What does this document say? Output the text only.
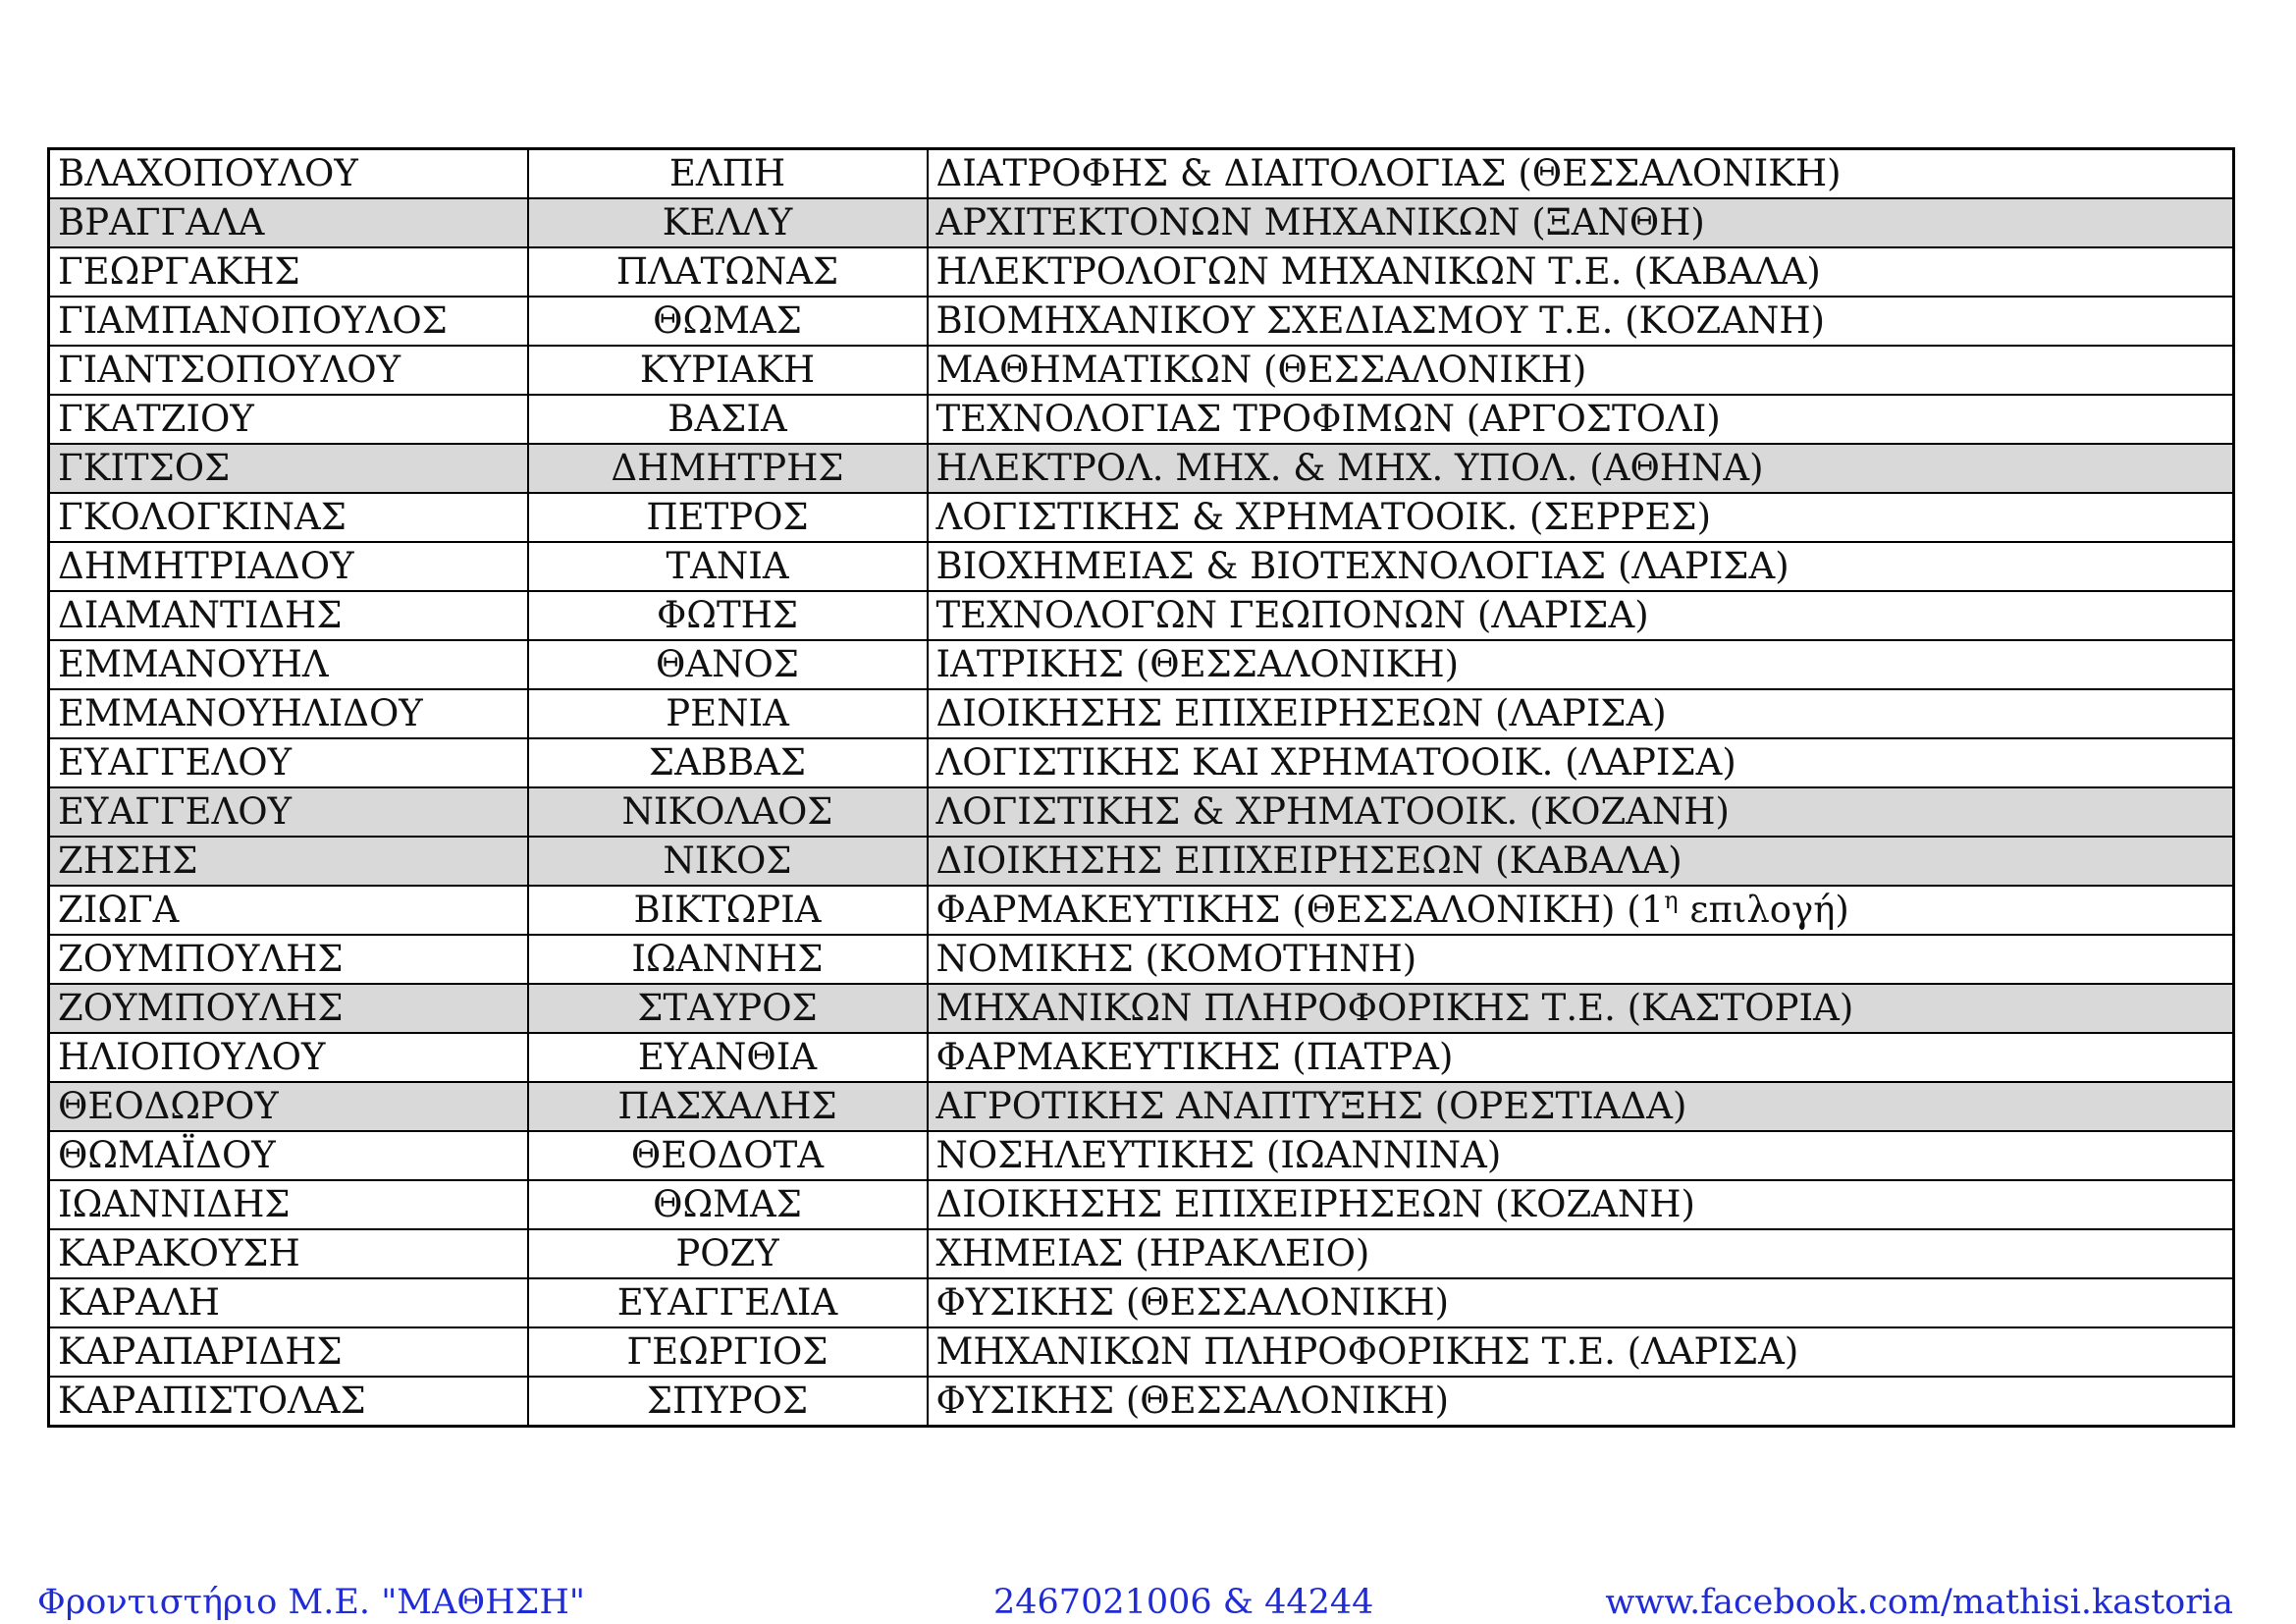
ΒΛΑΧΟΠΟΥΛΟΥ	ΕΛΠΗ	ΔΙΑΤΡΟΦΗΣ & ΔΙΑΙΤΟΛΟΓΙΑΣ (ΘΕΣΣΑΛΟΝΙΚΗ)
ΒΡΑΓΓΑΛΑ	ΚΕΛΛΥ	ΑΡΧΙΤΕΚΤΟΝΩΝ ΜΗΧΑΝΙΚΩΝ (ΞΑΝΘΗ)
ΓΕΩΡΓΑΚΗΣ	ΠΛΑΤΩΝΑΣ	ΗΛΕΚΤΡΟΛΟΓΩΝ ΜΗΧΑΝΙΚΩΝ Τ.Ε. (ΚΑΒΑΛΑ)
ΓΙΑΜΠΑΝΟΠΟΥΛΟΣ	ΘΩΜΑΣ	ΒΙΟΜΗΧΑΝΙΚΟΥ ΣΧΕΔΙΑΣΜΟΥ Τ.Ε. (ΚΟΖΑΝΗ)
ΓΙΑΝΤΣΟΠΟΥΛΟΥ	ΚΥΡΙΑΚΗ	ΜΑΘΗΜΑΤΙΚΩΝ (ΘΕΣΣΑΛΟΝΙΚΗ)
ΓΚΑΤΖΙΟΥ	ΒΑΣΙΑ	ΤΕΧΝΟΛΟΓΙΑΣ ΤΡΟΦΙΜΩΝ (ΑΡΓΟΣΤΟΛΙ)
ΓΚΙΤΣΟΣ	ΔΗΜΗΤΡΗΣ	ΗΛΕΚΤΡΟΛ. ΜΗΧ. & ΜΗΧ. ΥΠΟΛ. (ΑΘΗΝΑ)
ΓΚΟΛΟΓΚΙΝΑΣ	ΠΕΤΡΟΣ	ΛΟΓΙΣΤΙΚΗΣ & ΧΡΗΜΑΤΟΟΙΚ. (ΣΕΡΡΕΣ)
ΔΗΜΗΤΡΙΑΔΟΥ	ΤΑΝΙΑ	ΒΙΟΧΗΜΕΙΑΣ & ΒΙΟΤΕΧΝΟΛΟΓΙΑΣ (ΛΑΡΙΣΑ)
ΔΙΑΜΑΝΤΙΔΗΣ	ΦΩΤΗΣ	ΤΕΧΝΟΛΟΓΩΝ ΓΕΩΠΟΝΩΝ (ΛΑΡΙΣΑ)
ΕΜΜΑΝΟΥΗΛ	ΘΑΝΟΣ	ΙΑΤΡΙΚΗΣ (ΘΕΣΣΑΛΟΝΙΚΗ)
ΕΜΜΑΝΟΥΗΛΙΔΟΥ	ΡΕΝΙΑ	ΔΙΟΙΚΗΣΗΣ ΕΠΙΧΕΙΡΗΣΕΩΝ (ΛΑΡΙΣΑ)
ΕΥΑΓΓΕΛΟΥ	ΣΑΒΒΑΣ	ΛΟΓΙΣΤΙΚΗΣ ΚΑΙ ΧΡΗΜΑΤΟΟΙΚ. (ΛΑΡΙΣΑ)
ΕΥΑΓΓΕΛΟΥ	ΝΙΚΟΛΑΟΣ	ΛΟΓΙΣΤΙΚΗΣ & ΧΡΗΜΑΤΟΟΙΚ. (ΚΟΖΑΝΗ)
ΖΗΣΗΣ	ΝΙΚΟΣ	ΔΙΟΙΚΗΣΗΣ ΕΠΙΧΕΙΡΗΣΕΩΝ (ΚΑΒΑΛΑ)
ΖΙΩΓΑ	ΒΙΚΤΩΡΙΑ	ΦΑΡΜΑΚΕΥΤΙΚΗΣ (ΘΕΣΣΑΛΟΝΙΚΗ) ($1^\eta$ επιλογή)
ΖΟΥΜΠΟΥΛΗΣ	ΙΩΑΝΝΗΣ	ΝΟΜΙΚΗΣ (ΚΟΜΟΤΗΝΗ)
ΖΟΥΜΠΟΥΛΗΣ	ΣΤΑΥΡΟΣ	ΜΗΧΑΝΙΚΩΝ ΠΛΗΡΟΦΟΡΙΚΗΣ Τ.Ε. (ΚΑΣΤΟΡΙΑ)
ΗΛΙΟΠΟΥΛΟΥ	ΕΥΑΝΘΙΑ	ΦΑΡΜΑΚΕΥΤΙΚΗΣ (ΠΑΤΡΑ)
ΘΕΟΔΩΡΟΥ	ΠΑΣΧΑΛΗΣ	ΑΓΡΟΤΙΚΗΣ ΑΝΑΠΤΥΞΗΣ (ΟΡΕΣΤΙΑΔΑ)
ΘΩΜΑΪΔΟΥ	ΘΕΟΔΟΤΑ	ΝΟΣΗΛΕΥΤΙΚΗΣ (ΙΩΑΝΝΙΝΑ)
ΙΩΑΝΝΙΔΗΣ	ΘΩΜΑΣ	ΔΙΟΙΚΗΣΗΣ ΕΠΙΧΕΙΡΗΣΕΩΝ (ΚΟΖΑΝΗ)
ΚΑΡΑΚΟΥΣΗ	ΡΟΖΥ	ΧΗΜΕΙΑΣ (ΗΡΑΚΛΕΙΟ)
ΚΑΡΑΛΗ	ΕΥΑΓΓΕΛΙΑ	ΦΥΣΙΚΗΣ (ΘΕΣΣΑΛΟΝΙΚΗ)
ΚΑΡΑΠΑΡΙΔΗΣ	ΓΕΩΡΓΙΟΣ	ΜΗΧΑΝΙΚΩΝ ΠΛΗΡΟΦΟΡΙΚΗΣ Τ.Ε. (ΛΑΡΙΣΑ)
ΚΑΡΑΠΙΣΤΟΛΑΣ	ΣΠΥΡΟΣ	ΦΥΣΙΚΗΣ (ΘΕΣΣΑΛΟΝΙΚΗ)
Φροντιστήριο Μ.Ε. "ΜΑΘΗΣΗ"	2467021006 & 44244	www.facebook.com/mathisi.kastoria
